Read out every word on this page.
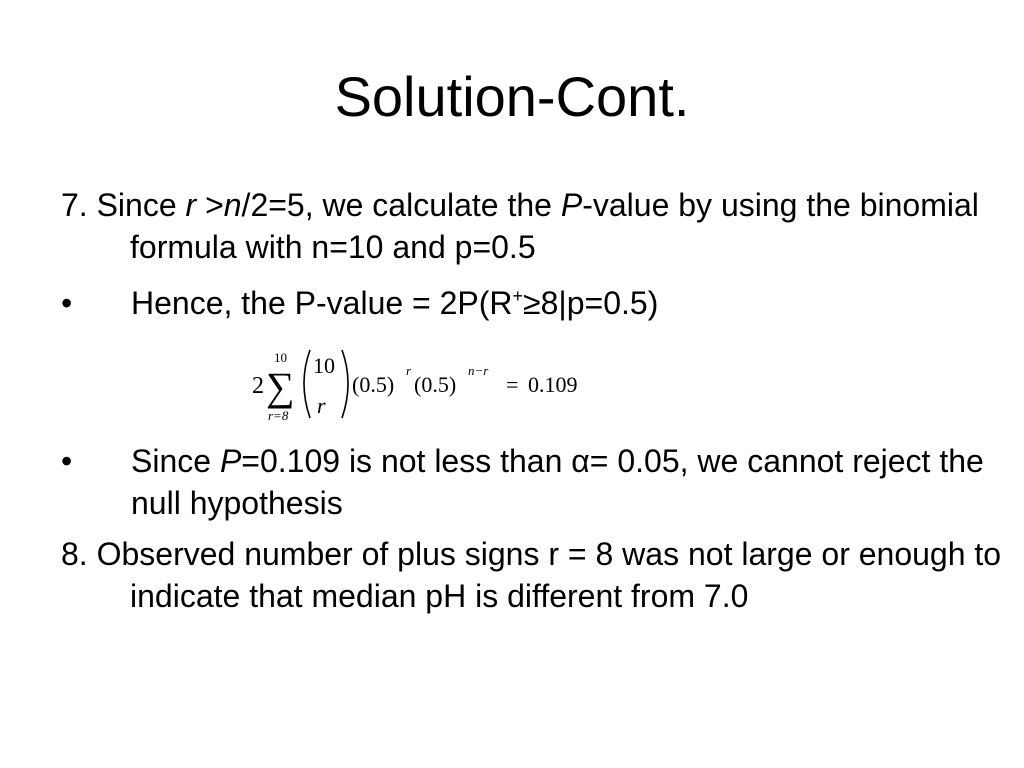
Solution-Cont.
7. Since r >n/2=5, we calculate the P-value by using the binomial formula with n=10 and p=0.5
•	Hence, the P-value = 2P(R+≥8|p=0.5)
2
10
∑
r=8
10
r
(0.5)
r
(0.5)
n−r
= 0.109
•	Since P=0.109 is not less than α= 0.05, we cannot reject the null hypothesis
8. Observed number of plus signs r = 8 was not large or enough to indicate that median pH is different from 7.0
